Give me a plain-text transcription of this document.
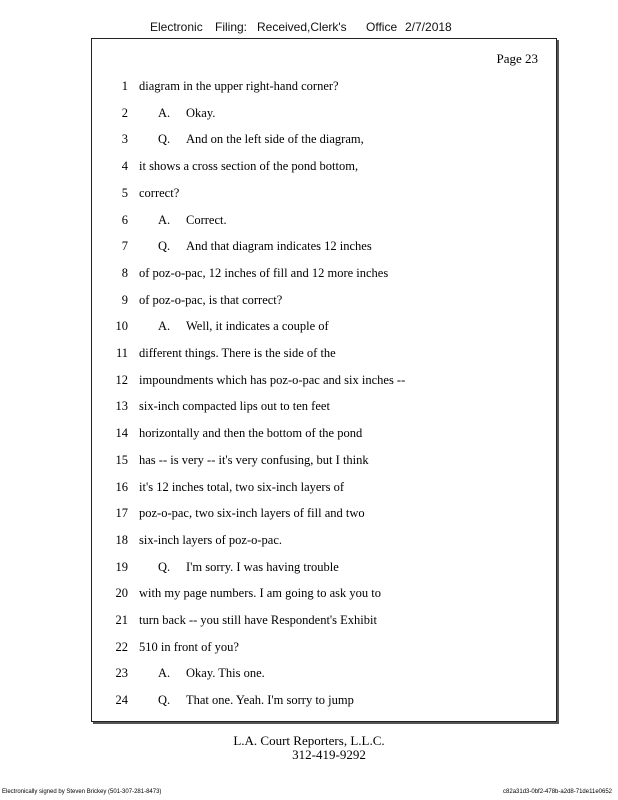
Electronic Filing: Received,Clerk's Office 2/7/2018
Page 23
1 diagram in the upper right-hand corner?
2 A. Okay.
3 Q. And on the left side of the diagram,
4 it shows a cross section of the pond bottom,
5 correct?
6 A. Correct.
7 Q. And that diagram indicates 12 inches
8 of poz-o-pac, 12 inches of fill and 12 more inches
9 of poz-o-pac, is that correct?
10 A. Well, it indicates a couple of
11 different things. There is the side of the
12 impoundments which has poz-o-pac and six inches --
13 six-inch compacted lips out to ten feet
14 horizontally and then the bottom of the pond
15 has -- is very -- it's very confusing, but I think
16 it's 12 inches total, two six-inch layers of
17 poz-o-pac, two six-inch layers of fill and two
18 six-inch layers of poz-o-pac.
19 Q. I'm sorry. I was having trouble
20 with my page numbers. I am going to ask you to
21 turn back -- you still have Respondent's Exhibit
22 510 in front of you?
23 A. Okay. This one.
24 Q. That one. Yeah. I'm sorry to jump
L.A. Court Reporters, L.L.C.
312-419-9292
Electronically signed by Steven Brickey (501-307-281-8473)	c82a31d3-0bf2-478b-a2d8-71de11e0652
